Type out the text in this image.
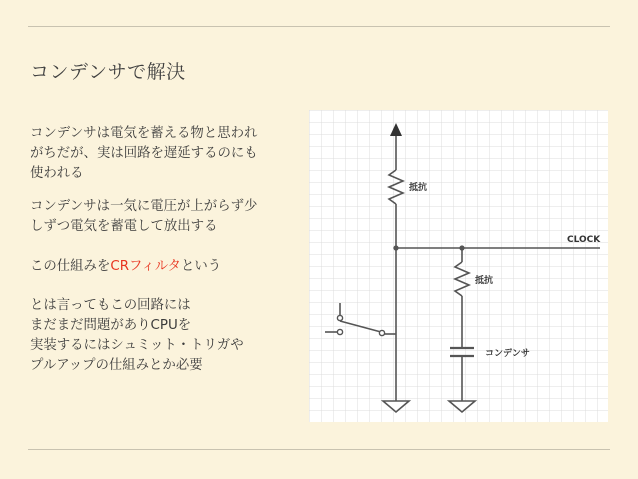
コンデンサで解決
コンデンサは電気を蓄える物と思われ
がちだが、実は回路を遅延するのにも
使われる
コンデンサは一気に電圧が上がらず少
しずつ電気を蓄電して放出する
この仕組みをCRフィルタという
とは言ってもこの回路には
まだまだ問題がありCPUを
実装するにはシュミット・トリガや
プルアップの仕組みとか必要
抵抗
抵抗
コンデンサ
CLOCK
